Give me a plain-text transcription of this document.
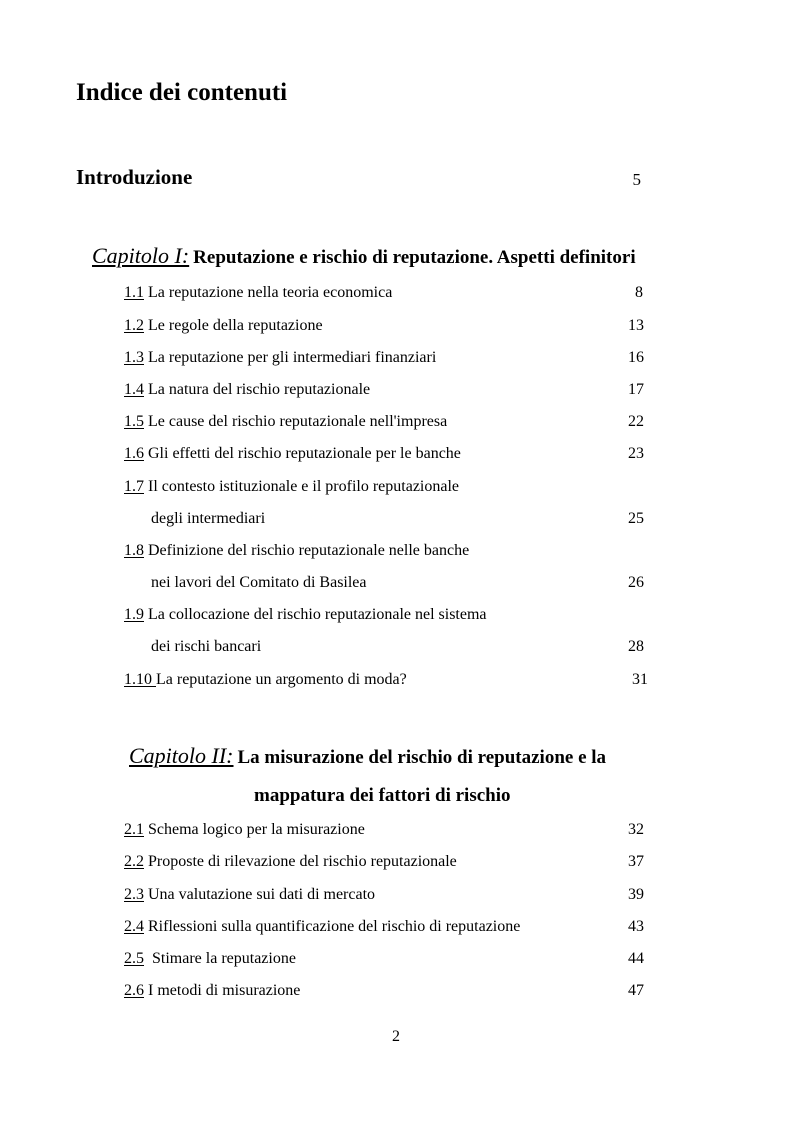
Indice dei contenuti
Introduzione	5
Capitolo I: Reputazione e rischio di reputazione. Aspetti definitori
1.1 La reputazione nella teoria economica	8
1.2 Le regole della reputazione	13
1.3 La reputazione per gli intermediari finanziari	16
1.4 La natura del rischio reputazionale	17
1.5 Le cause del rischio reputazionale nell'impresa	22
1.6 Gli effetti del rischio reputazionale per le banche	23
1.7 Il contesto istituzionale e il profilo reputazionale
degli intermediari	25
1.8 Definizione del rischio reputazionale nelle banche
nei lavori del Comitato di Basilea	26
1.9 La collocazione del rischio reputazionale nel sistema
dei rischi bancari	28
1.10 La reputazione un argomento di moda?	31
Capitolo II: La misurazione del rischio di reputazione e la
mappatura dei fattori di rischio
2.1 Schema logico per la misurazione	32
2.2 Proposte di rilevazione del rischio reputazionale	37
2.3 Una valutazione sui dati di mercato	39
2.4 Riflessioni sulla quantificazione del rischio di reputazione	43
2.5  Stimare la reputazione	44
2.6 I metodi di misurazione	47
2
